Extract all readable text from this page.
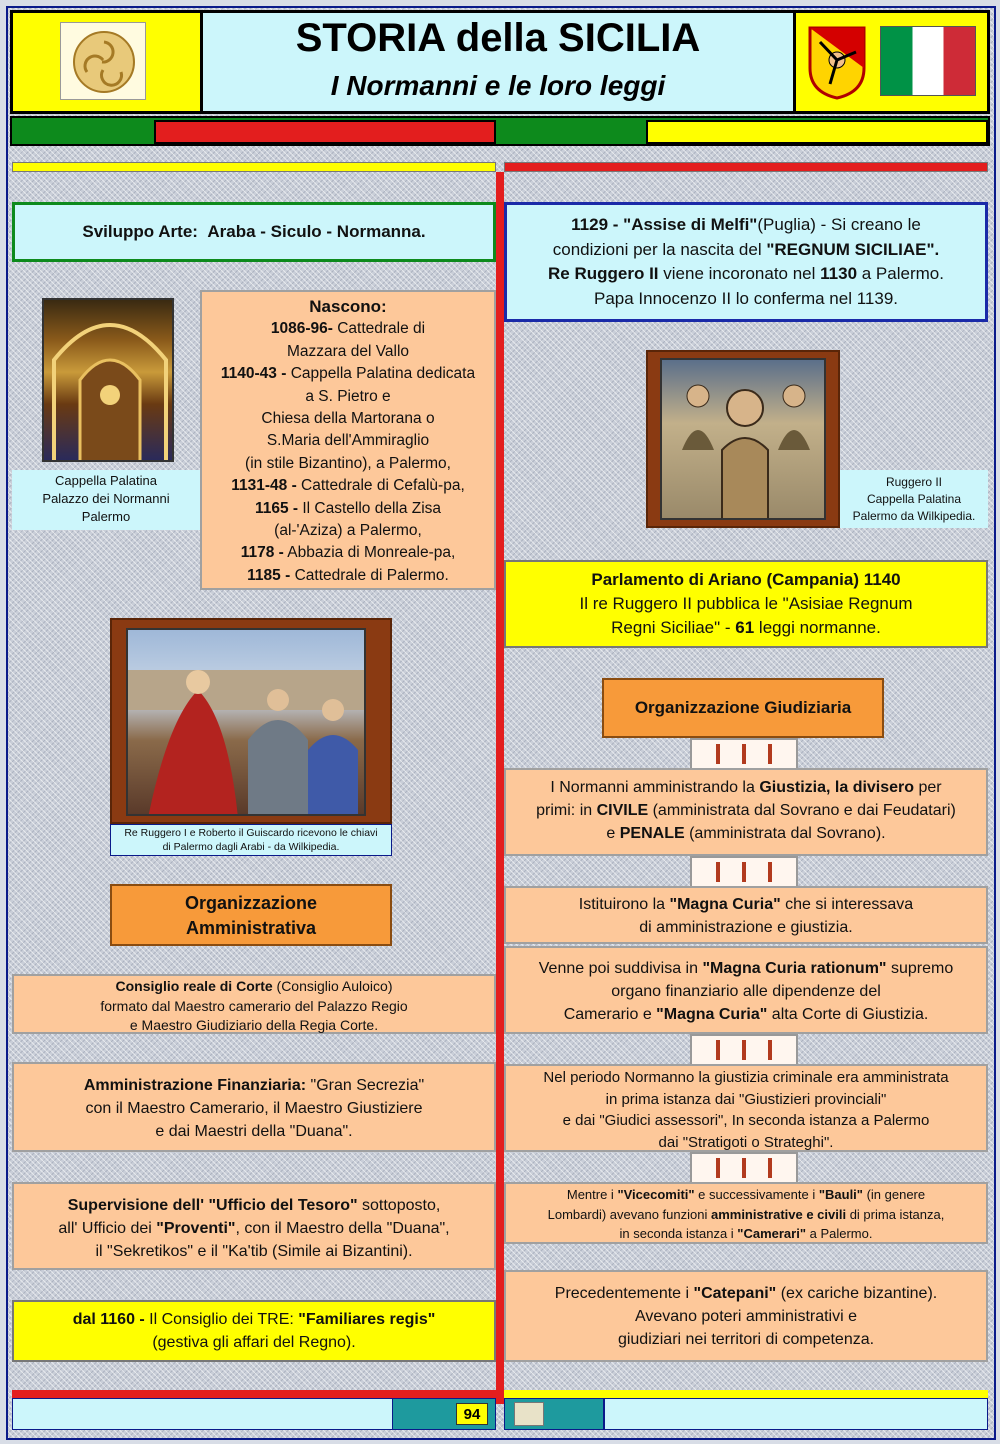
STORIA della SICILIA
I Normanni e le loro leggi
Sviluppo Arte: Araba - Siculo - Normanna.
Cappella Palatina
Palazzo dei Normanni
Palermo
Nascono:
1086-96- Cattedrale di
Mazzara del Vallo
1140-43 - Cappella Palatina dedicata
a S. Pietro e
Chiesa della Martorana o
S.Maria dell'Ammiraglio
(in stile Bizantino), a Palermo,
1131-48 - Cattedrale di Cefalù-pa,
1165 - Il Castello della Zisa
(al-'Aziza) a Palermo,
1178 - Abbazia di Monreale-pa,
1185 - Cattedrale di Palermo.
Re Ruggero I e Roberto il Guiscardo ricevono le chiavi
di Palermo dagli Arabi - da Wilkipedia.
Organizzazione
Amministrativa
Consiglio reale di Corte (Consiglio Auloico)
formato dal Maestro camerario del Palazzo Regio
e Maestro Giudiziario della Regia Corte.
Amministrazione Finanziaria: "Gran Secrezia"
con il Maestro Camerario, il Maestro Giustiziere
e dai Maestri della "Duana".
Supervisione dell' "Ufficio del Tesoro" sottoposto,
all' Ufficio dei "Proventi", con il Maestro della "Duana",
il "Sekretikos" e il "Ka'tib (Simile ai Bizantini).
dal 1160 - Il Consiglio dei TRE: "Familiares regis"
(gestiva gli affari del Regno).
1129 - "Assise di Melfi"(Puglia) - Si creano le
condizioni per la nascita del "REGNUM SICILIAE".
Re Ruggero II viene incoronato nel 1130 a Palermo.
Papa Innocenzo II lo conferma nel 1139.
Ruggero II
Cappella Palatina
Palermo da Wilkipedia.
Parlamento di Ariano (Campania) 1140
Il re Ruggero II pubblica le "Asisiae Regnum
Regni Siciliae" - 61 leggi normanne.
Organizzazione Giudiziaria
I Normanni amministrando la Giustizia, la divisero per
primi: in CIVILE (amministrata dal Sovrano e dai Feudatari)
e PENALE (amministrata dal Sovrano).
Istituirono la "Magna Curia" che si interessava
di amministrazione e giustizia.
Venne poi suddivisa in "Magna Curia rationum" supremo
organo finanziario alle dipendenze del
Camerario e "Magna Curia" alta Corte di Giustizia.
Nel periodo Normanno la giustizia criminale era amministrata
in prima istanza dai "Giustizieri provinciali"
e dai "Giudici assessori", In seconda istanza a Palermo
dai "Stratigoti o Strateghi".
Mentre i "Vicecomiti" e successivamente i "Bauli" (in genere
Lombardi) avevano funzioni amministrative e civili di prima istanza,
in seconda istanza i "Camerari" a Palermo.
Precedentemente i "Catepani" (ex cariche bizantine).
Avevano poteri amministrativi e
giudiziari nei territori di competenza.
94
